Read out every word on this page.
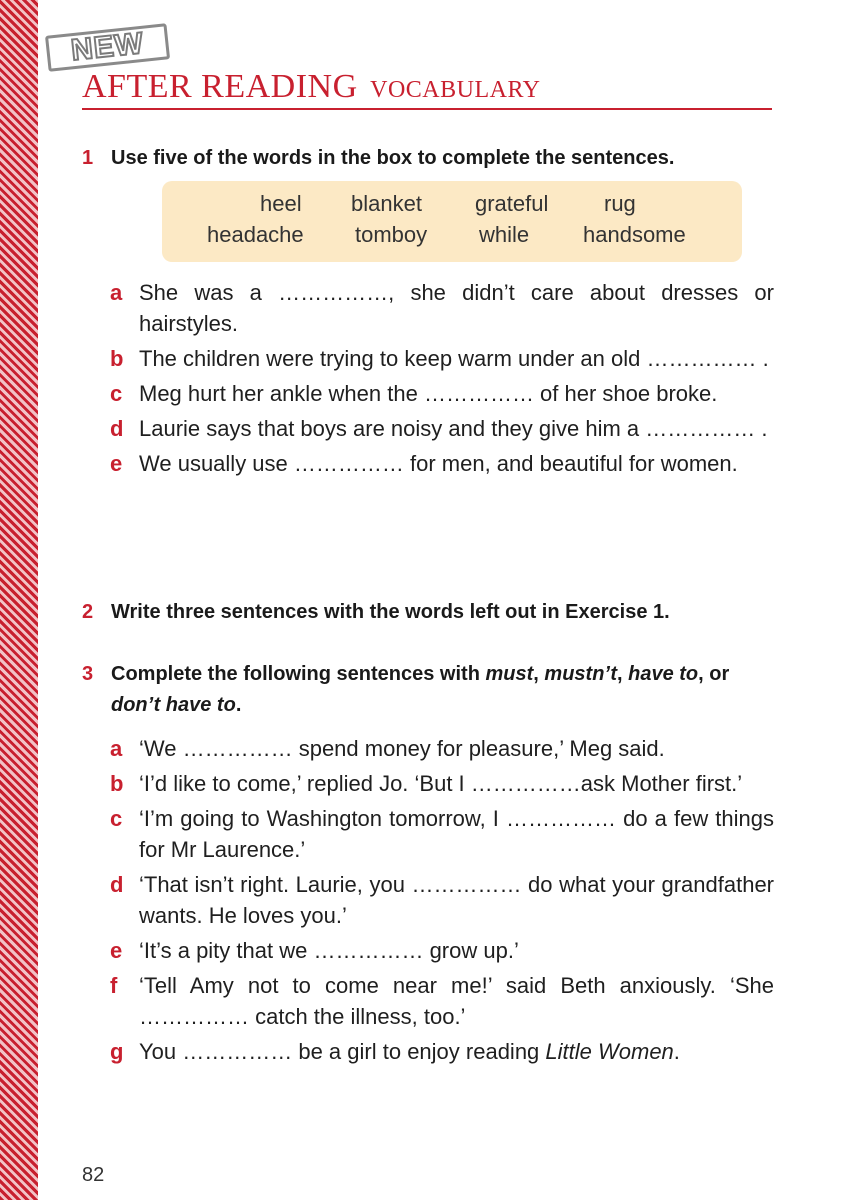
NEW
AFTER READING VOCABULARY
1 Use five of the words in the box to complete the sentences.
heel blanket grateful	rug
headache tomboy while handsome
a She was a ……………, she didn’t care about dresses or hairstyles.
b The children were trying to keep warm under an old …………… .
c Meg hurt her ankle when the …………… of her shoe broke.
d Laurie says that boys are noisy and they give him a …………… .
e We usually use …………… for men, and beautiful for women.
2 Write three sentences with the words left out in Exercise 1.
3 Complete the following sentences with must, mustn’t, have to, or don’t have to.
a ‘We …………… spend money for pleasure,’ Meg said.
b ‘I’d like to come,’ replied Jo. ‘But I ……………ask Mother first.’
c ‘I’m going to Washington tomorrow, I …………… do a few things for Mr Laurence.’
d ‘That isn’t right. Laurie, you …………… do what your grandfather wants. He loves you.’
e ‘It’s a pity that we …………… grow up.’
f ‘Tell Amy not to come near me!’ said Beth anxiously. ‘She …………… catch the illness, too.’
g You …………… be a girl to enjoy reading Little Women.
82
